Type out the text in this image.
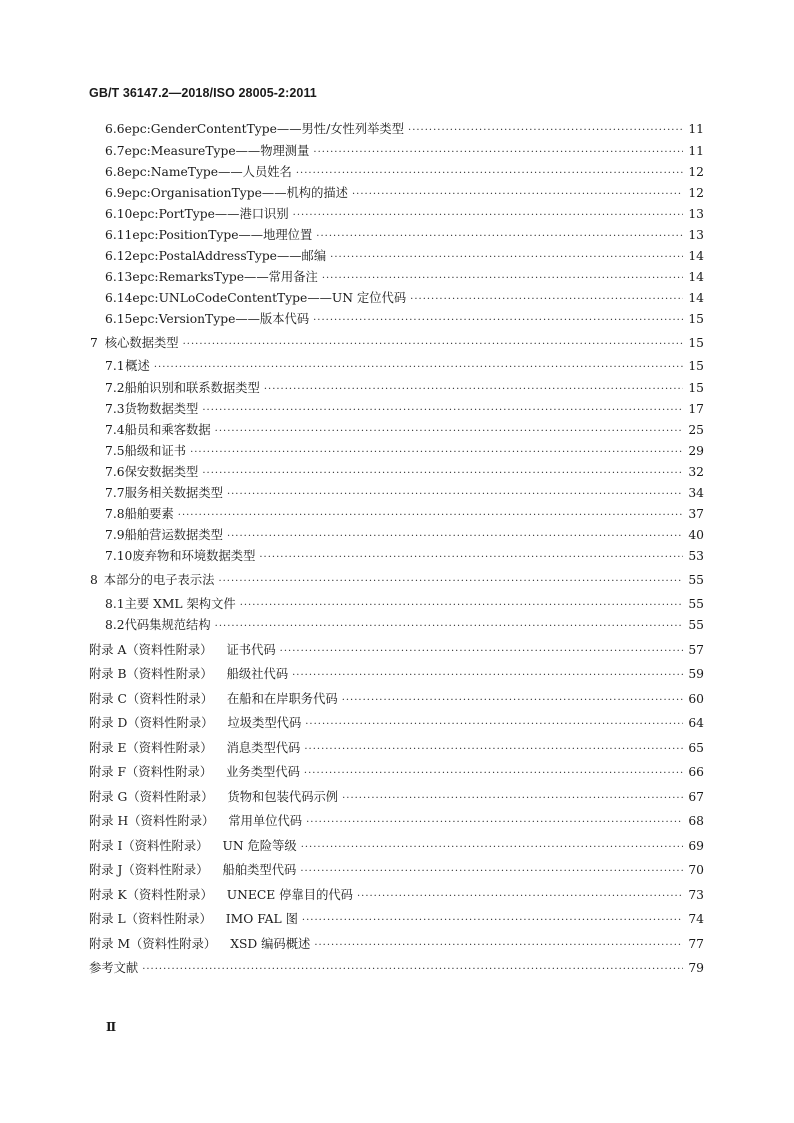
GB/T 36147.2—2018/ISO 28005-2:2011
6.6 epc:GenderContentType——男性/女性列举类型 ·····	11
6.7 epc:MeasureType——物理测量 ·····	11
6.8 epc:NameType——人员姓名 ·····	12
6.9 epc:OrganisationType——机构的描述 ·····	12
6.10 epc:PortType——港口识别 ·····	13
6.11 epc:PositionType——地理位置 ·····	13
6.12 epc:PostalAddressType——邮编 ·····	14
6.13 epc:RemarksType——常用备注 ·····	14
6.14 epc:UNLoCodeContentType——UN 定位代码 ·····	14
6.15 epc:VersionType——版本代码 ·····	15
7 核心数据类型 ·····	15
7.1 概述 ·····	15
7.2 船舶识别和联系数据类型 ·····	15
7.3 货物数据类型 ·····	17
7.4 船员和乘客数据 ·····	25
7.5 船级和证书 ·····	29
7.6 保安数据类型 ·····	32
7.7 服务相关数据类型 ·····	34
7.8 船舶要素 ·····	37
7.9 船舶营运数据类型 ·····	40
7.10 废弃物和环境数据类型 ·····	53
8 本部分的电子表示法 ·····	55
8.1 主要 XML 架构文件 ·····	55
8.2 代码集规范结构 ·····	55
附录 A（资料性附录） 证书代码 ·····	57
附录 B（资料性附录） 船级社代码 ·····	59
附录 C（资料性附录） 在船和在岸职务代码 ·····	60
附录 D（资料性附录） 垃圾类型代码 ·····	64
附录 E（资料性附录） 消息类型代码 ·····	65
附录 F（资料性附录） 业务类型代码 ·····	66
附录 G（资料性附录） 货物和包装代码示例 ·····	67
附录 H（资料性附录） 常用单位代码 ·····	68
附录 I（资料性附录） UN 危险等级 ·····	69
附录 J（资料性附录） 船舶类型代码 ·····	70
附录 K（资料性附录） UNECE 停靠目的代码 ·····	73
附录 L（资料性附录） IMO FAL 图 ·····	74
附录 M（资料性附录） XSD 编码概述 ·····	77
参考文献 ·····	79
Ⅱ
